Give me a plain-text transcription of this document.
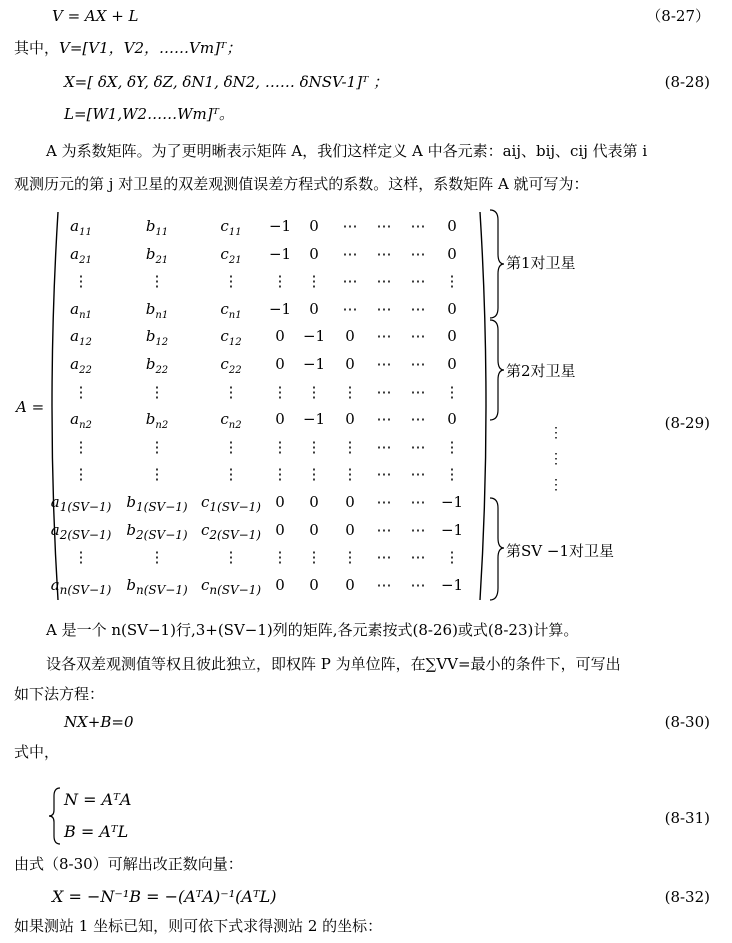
V = AX + L	（8-27）
其中，V=[V1，V2，……Vm]ᵀ；
X=[ δX, δY, δZ, δN1, δN2, …… δNSV-1]ᵀ ；	(8-28)
L=[W1,W2……Wm]ᵀ。
A 为系数矩阵。为了更明晰表示矩阵 A，我们这样定义 A 中各元素：aij、bij、cij 代表第 i
观测历元的第 j 对卫星的双差观测值误差方程式的系数。这样，系数矩阵 A 就可写为：
A =
$a_{11}$	$b_{11}$	$c_{11}$	−1	0	⋯	⋯	⋯	0
$a_{21}$	$b_{21}$	$c_{21}$	−1	0	⋯	⋯	⋯	0
⋮	⋮	⋮	⋮	⋮	⋯	⋯	⋯	⋮
$a_{n1}$	$b_{n1}$	$c_{n1}$	−1	0	⋯	⋯	⋯	0
$a_{12}$	$b_{12}$	$c_{12}$	0	−1	0	⋯	⋯	0
$a_{22}$	$b_{22}$	$c_{22}$	0	−1	0	⋯	⋯	0
⋮	⋮	⋮	⋮	⋮	⋮	⋯	⋯	⋮
$a_{n2}$	$b_{n2}$	$c_{n2}$	0	−1	0	⋯	⋯	0
⋮	⋮	⋮	⋮	⋮	⋮	⋯	⋯	⋮
⋮	⋮	⋮	⋮	⋮	⋮	⋯	⋯	⋮
$a_{1(SV-1)}$ $b_{1(SV-1)}$ $c_{1(SV-1)}$ 0	0	0	⋯	⋯	−1
$a_{2(SV-1)}$ $b_{2(SV-1)}$ $c_{2(SV-1)}$ 0	0	0	⋯	⋯	−1
⋮	⋮	⋮	⋮	⋮	⋮	⋯	⋯	⋮
$a_{n(SV-1)}$ $b_{n(SV-1)}$ $c_{n(SV-1)}$ 0	0	0	⋯	⋯	−1
第1对卫星
第2对卫星
第SV −1对卫星
⋮
⋮
⋮
(8-29)
A 是一个 n(SV−1)行,3+(SV−1)列的矩阵,各元素按式(8-26)或式(8-23)计算。
设各双差观测值等权且彼此独立，即权阵 P 为单位阵，在∑VV=最小的条件下，可写出
如下法方程：
NX+B=0	(8-30)
式中，
N = AᵀA
B = AᵀL
(8-31)
由式（8-30）可解出改正数向量：
X = −N⁻¹B = −(AᵀA)⁻¹(AᵀL)	(8-32)
如果测站 1 坐标已知，则可依下式求得测站 2 的坐标：
